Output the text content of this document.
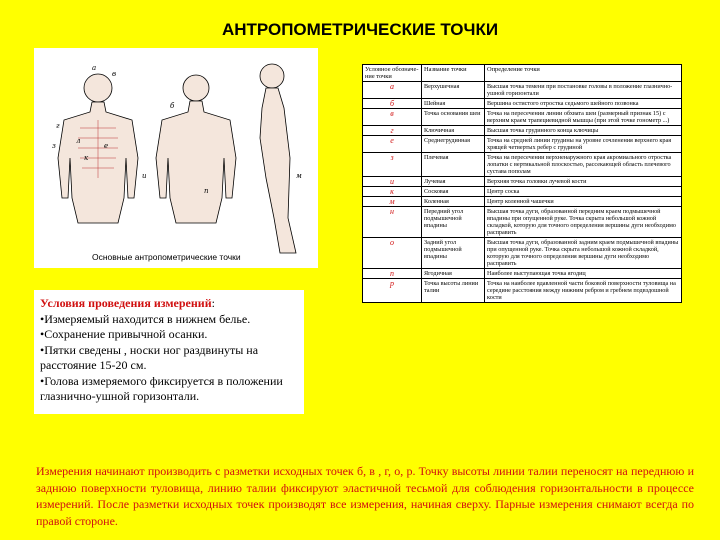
АНТРОПОМЕТРИЧЕСКИЕ ТОЧКИ
в
б
г
е
з
п
л
и
к
м
а
Основные антропометрические точки
Условия проведения измерений:
•Измеряемый находится в нижнем белье.
•Сохранение привычной осанки.
•Пятки сведены , носки ног раздвинуты на расстояние 15-20 см.
•Голова измеряемого фиксируется в положении глазнично-ушной горизонтали.
Условное обозначе-ние точки	Название точки	Определение точки
а	Верхушечная	Высшая точка темени при постановке головы в положение глазнично-ушной горизонтали
б	Шейная	Вершина остистого отростка седьмого шейного позвонка
в	Точка основания шеи	Точка на пересечении линии обхвата шеи (размерный признак 15) с верхним краем трапециевидной мышцы (при этой точке гонометр ...)
г	Ключичная	Высшая точка грудинного конца ключицы
е	Среднегрудинная	Точка на средней линии грудины на уровне сочленения верхнего края хрящей четвертых ребер с грудиной
з	Плечевая	Точка на пересечении верхненаружного края акромиального отростка лопатки с вертикальной плоскостью, рассекающей область плечевого сустава пополам
и	Лучевая	Верхняя точка головки лучевой кости
к	Сосковая	Центр соска
м	Коленная	Центр коленной чашечки
н	Передний угол подмышечной впадины	Высшая точка дуги, образованной передним краем подмышечной впадины при опущенной руке. Точка скрыта небольшой кожной складкой, которую для точного определения вершины дуги необходимо расправить
о	Задний угол подмышечной впадины	Высшая точка дуги, образованной задним краем подмышечной впадины при опущенной руке. Точка скрыта небольшой кожной складкой, которую для точного определения вершины дуги необходимо расправить
п	Ягодичная	Наиболее выступающая точка ягодиц
р	Точка высоты линии талии	Точка на наиболее вдавленной части боковой поверхности туловища на середине расстояния между нижним ребром и гребнем подвздошной кости
Измерения начинают производить с разметки исходных точек б, в , г, о, р. Точку высоты линии талии переносят на переднюю и заднюю поверхности туловища, линию талии фиксируют эластичной тесьмой для соблюдения горизонтальности в процессе измерений. После разметки исходных точек производят все измерения, начиная сверху. Парные измерения снимают всегда по правой стороне.
